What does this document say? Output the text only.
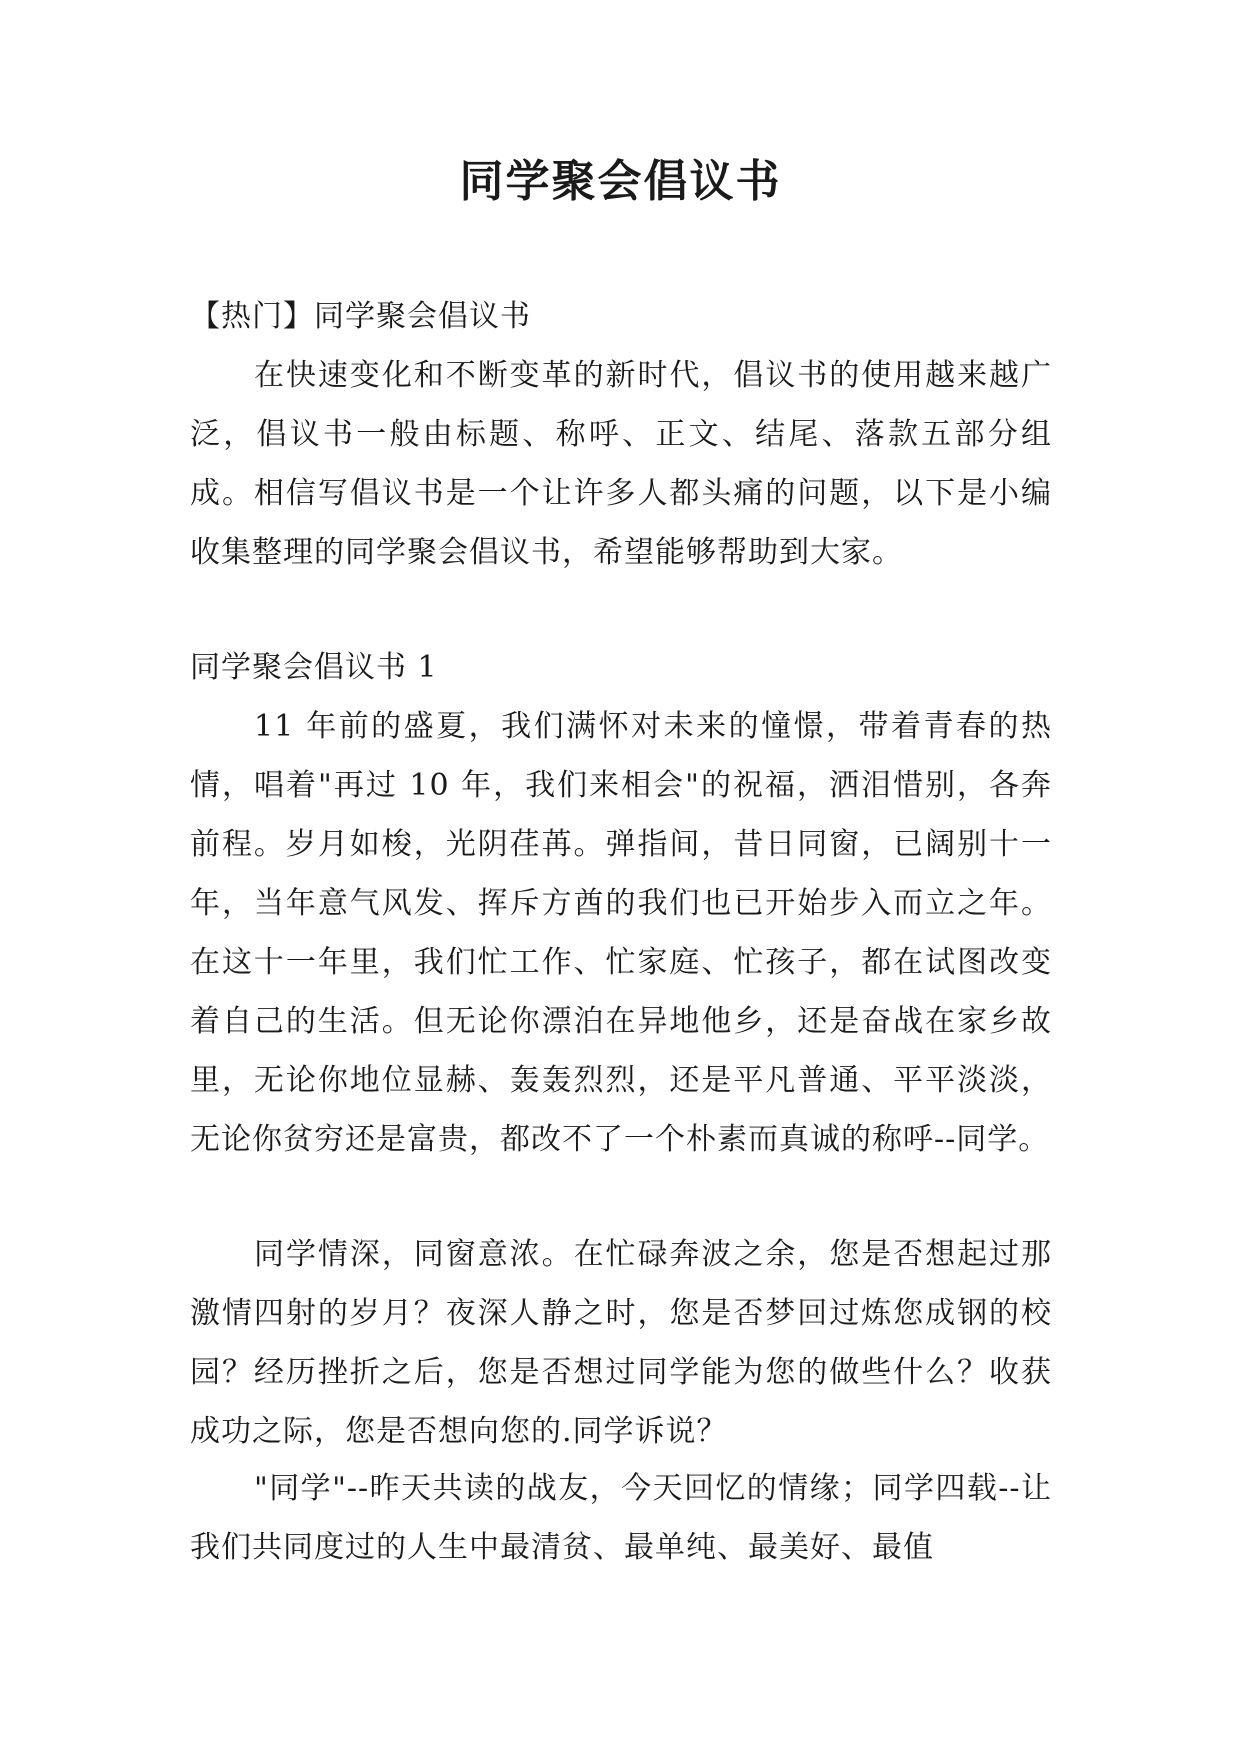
同学聚会倡议书
【热门】同学聚会倡议书
在快速变化和不断变革的新时代，倡议书的使用越来越广泛，倡议书一般由标题、称呼、正文、结尾、落款五部分组成。相信写倡议书是一个让许多人都头痛的问题，以下是小编收集整理的同学聚会倡议书，希望能够帮助到大家。
同学聚会倡议书 1
11 年前的盛夏，我们满怀对未来的憧憬，带着青春的热情，唱着"再过 10 年，我们来相会"的祝福，洒泪惜别，各奔前程。岁月如梭，光阴荏苒。弹指间，昔日同窗，已阔别十一年，当年意气风发、挥斥方酋的我们也已开始步入而立之年。在这十一年里，我们忙工作、忙家庭、忙孩子，都在试图改变着自己的生活。但无论你漂泊在异地他乡，还是奋战在家乡故里，无论你地位显赫、轰轰烈烈，还是平凡普通、平平淡淡，无论你贫穷还是富贵，都改不了一个朴素而真诚的称呼--同学。
同学情深，同窗意浓。在忙碌奔波之余，您是否想起过那激情四射的岁月？夜深人静之时，您是否梦回过炼您成钢的校园？经历挫折之后，您是否想过同学能为您的做些什么？收获成功之际，您是否想向您的.同学诉说？
"同学"--昨天共读的战友，今天回忆的情缘；同学四载--让我们共同度过的人生中最清贫、最单纯、最美好、最值
